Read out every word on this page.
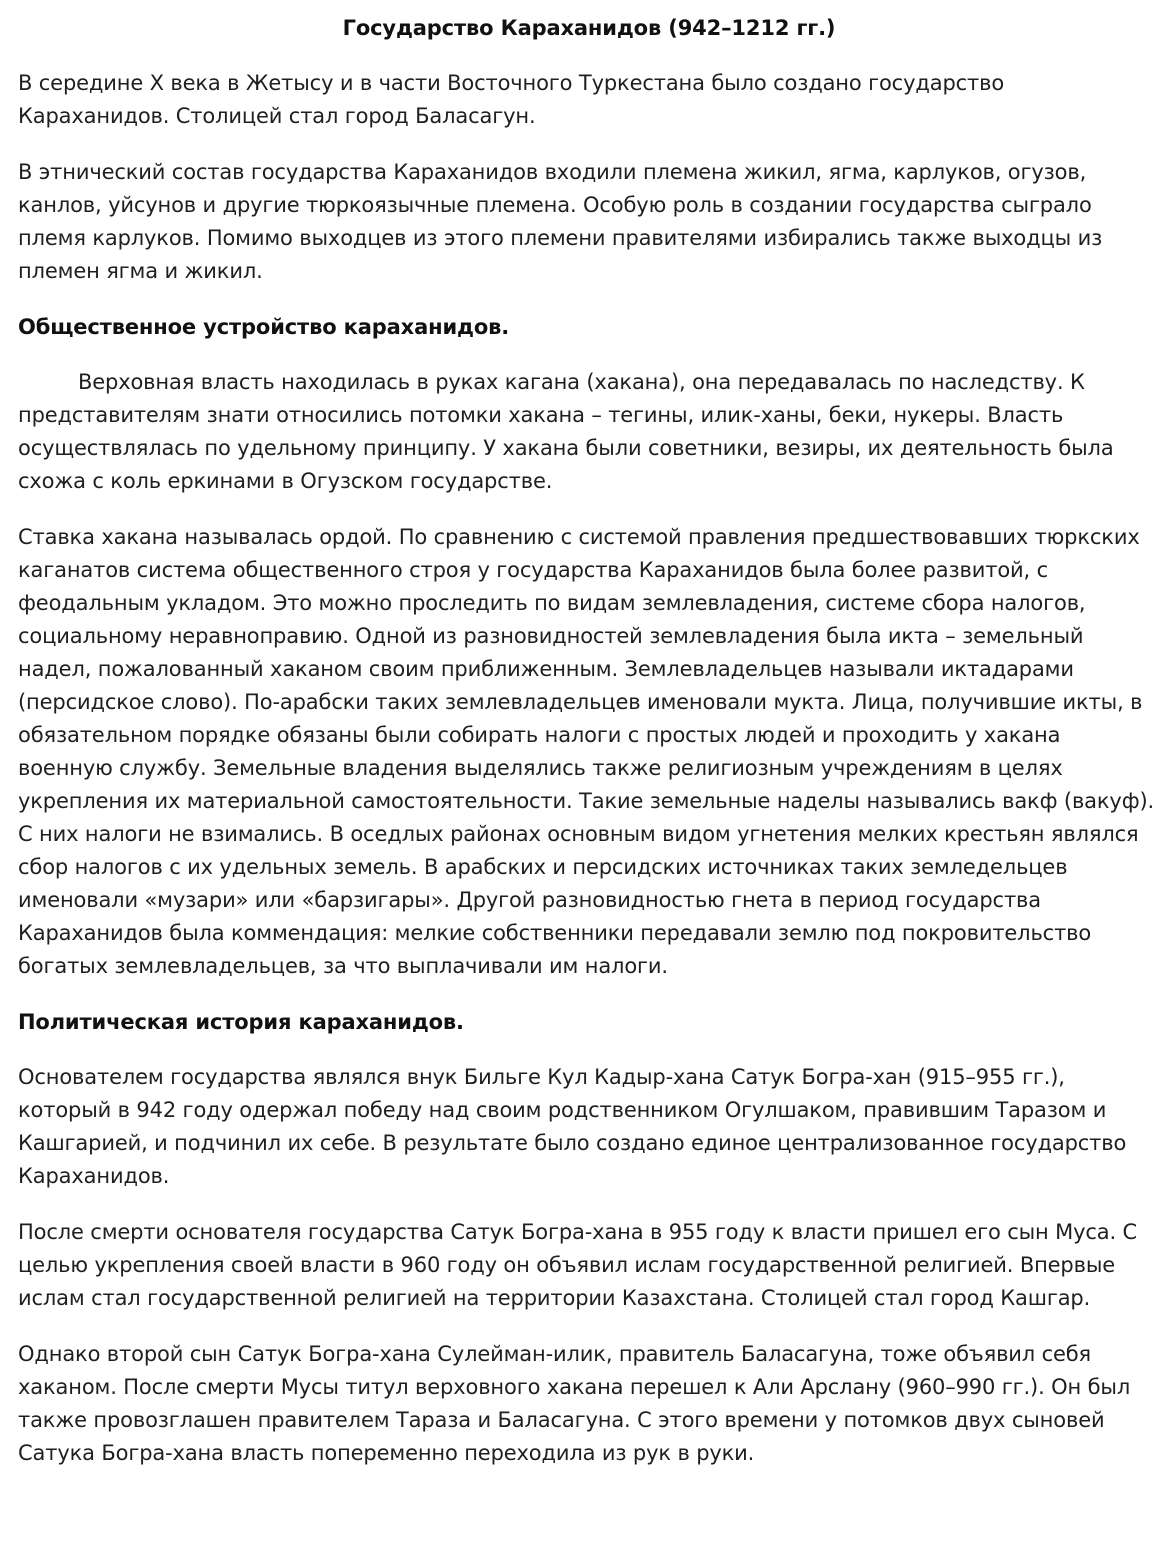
Государство Караханидов (942–1212 гг.)

В середине Х века в Жетысу и в части Восточного Туркестана было создано государство Караханидов. Столицей стал город Баласагун.

В этнический состав государства Караханидов входили племена жикил, ягма, карлуков, огузов, канлов, уйсунов и другие тюркоязычные племена. Особую роль в создании государства сыграло племя карлуков. Помимо выходцев из этого племени правителями избирались также выходцы из племен ягма и жикил.

Общественное устройство караханидов.

Верховная власть находилась в руках кагана (хакана), она передавалась по наследству. К представителям знати относились потомки хакана – тегины, илик-ханы, беки, нукеры. Власть осуществлялась по удельному принципу. У хакана были советники, везиры, их деятельность была схожа с коль еркинами в Огузском государстве.

Ставка хакана называлась ордой. По сравнению с системой правления предшествовавших тюркских каганатов система общественного строя у государства Караханидов была более развитой, с феодальным укладом. Это можно проследить по видам землевладения, системе сбора налогов, социальному неравноправию. Одной из разновидностей землевладения была икта – земельный надел, пожалованный хаканом своим приближенным. Землевладельцев называли иктадарами (персидское слово). По-арабски таких землевладельцев именовали мукта. Лица, получившие икты, в обязательном порядке обязаны были собирать налоги с простых людей и проходить у хакана военную службу. Земельные владения выделялись также религиозным учреждениям в целях укрепления их материальной самостоятельности. Такие земельные наделы назывались вакф (вакуф). С них налоги не взимались. В оседлых районах основным видом угнетения мелких крестьян являлся сбор налогов с их удельных земель. В арабских и персидских источниках таких земледельцев именовали «музари» или «барзигары». Другой разновидностью гнета в период государства Караханидов была коммендация: мелкие собственники передавали землю под покровительство богатых землевладельцев, за что выплачивали им налоги.

Политическая история караханидов.

Основателем государства являлся внук Бильге Кул Кадыр-хана Сатук Богра-хан (915–955 гг.), который в 942 году одержал победу над своим родственником Огулшаком, правившим Таразом и Кашгарией, и подчинил их себе. В результате было создано единое централизованное государство Караханидов.

После смерти основателя государства Сатук Богра-хана в 955 году к власти пришел его сын Муса. С целью укрепления своей власти в 960 году он объявил ислам государственной религией. Впервые ислам стал государственной религией на территории Казахстана. Столицей стал город Кашгар.

Однако второй сын Сатук Богра-хана Сулейман-илик, правитель Баласагуна, тоже объявил себя хаканом. После смерти Мусы титул верховного хакана перешел к Али Арслану (960–990 гг.). Он был также провозглашен правителем Тараза и Баласагуна. С этого времени у потомков двух сыновей Сатука Богра-хана власть попеременно переходила из рук в руки.
